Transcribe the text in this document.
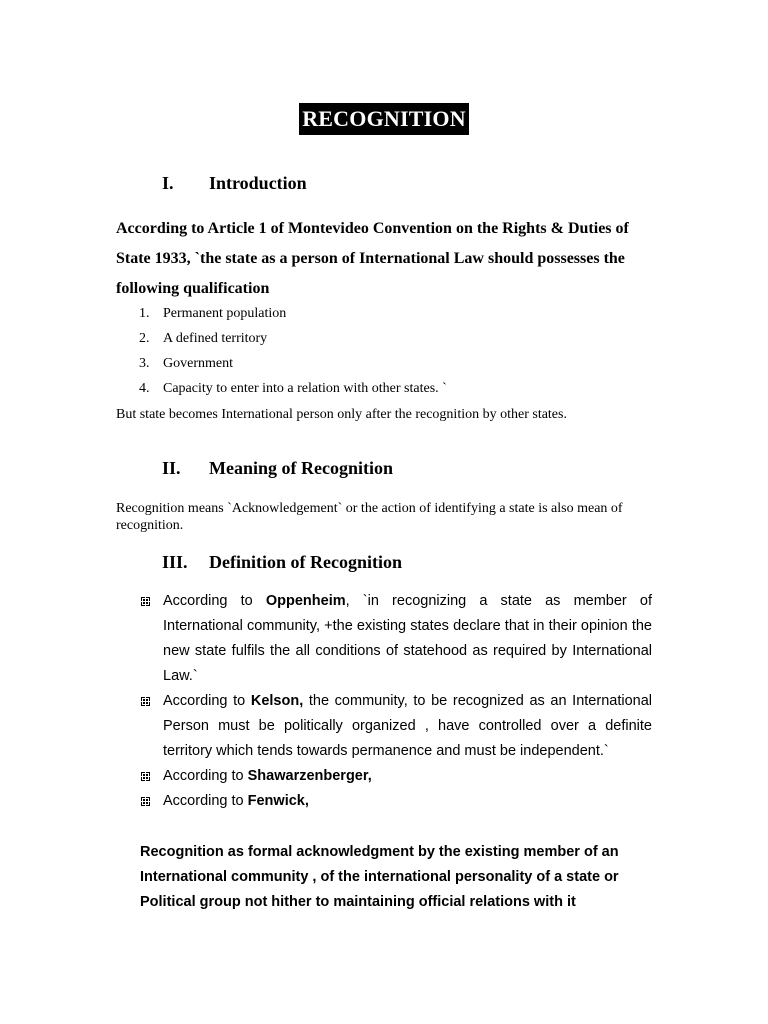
RECOGNITION
I. Introduction
According to Article 1 of Montevideo Convention on the Rights & Duties of State 1933, `the state as a person of International Law should possesses the following qualification
1. Permanent population
2. A defined territory
3. Government
4. Capacity to enter into a relation with other states. `
But state becomes International person only after the recognition by other states.
II. Meaning of Recognition
Recognition means `Acknowledgement` or the action of identifying a state is also mean of recognition.
III. Definition of Recognition
According to Oppenheim, `in recognizing a state as member of International community, +the existing states declare that in their opinion the new state fulfils the all conditions of statehood as required by International Law.`
According to Kelson, the community, to be recognized as an International Person must be politically organized , have controlled over a definite territory which tends towards permanence and must be independent.`
According to Shawarzenberger,
According to Fenwick,
Recognition as formal acknowledgment by the existing member of an International community , of the international personality of a state or Political group not hither to maintaining official relations with it
